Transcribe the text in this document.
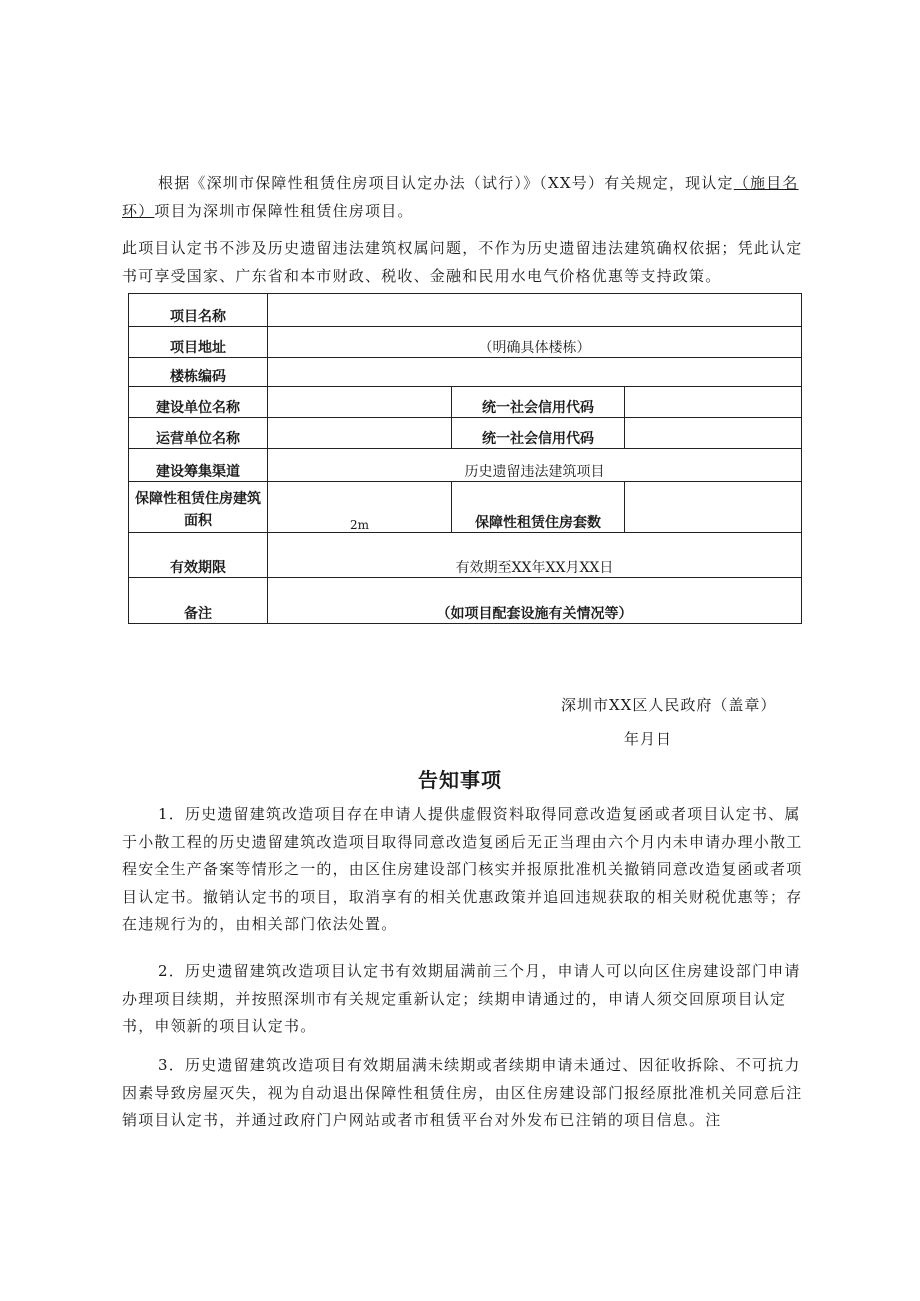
根据《深圳市保障性租赁住房项目认定办法（试行）》（XX号）有关规定，现认定（施目名环）项目为深圳市保障性租赁住房项目。

此项目认定书不涉及历史遗留违法建筑权属问题，不作为历史遗留违法建筑确权依据；凭此认定书可享受国家、广东省和本市财政、税收、金融和民用水电气价格优惠等支持政策。

项目名称			
项目地址	（明确具体楼栋）		
楼栋编码			
建设单位名称		统一社会信用代码	
运营单位名称		统一社会信用代码	
建设筹集渠道	历史遗留违法建筑项目		
保障性租赁住房建筑面积	2m	保障性租赁住房套数	
有效期限	有效期至XX年XX月XX日		
备注	（如项目配套设施有关情况等）		
深圳市XX区人民政府（盖章）
年月日
告知事项

1．历史遗留建筑改造项目存在申请人提供虚假资料取得同意改造复函或者项目认定书、属于小散工程的历史遗留建筑改造项目取得同意改造复函后无正当理由六个月内未申请办理小散工程安全生产备案等情形之一的，由区住房建设部门核实并报原批准机关撤销同意改造复函或者项目认定书。撤销认定书的项目，取消享有的相关优惠政策并追回违规获取的相关财税优惠等；存在违规行为的，由相关部门依法处置。

2．历史遗留建筑改造项目认定书有效期届满前三个月，申请人可以向区住房建设部门申请办理项目续期，并按照深圳市有关规定重新认定；续期申请通过的，申请人须交回原项目认定书，申领新的项目认定书。

3．历史遗留建筑改造项目有效期届满未续期或者续期申请未通过、因征收拆除、不可抗力因素导致房屋灭失，视为自动退出保障性租赁住房，由区住房建设部门报经原批准机关同意后注销项目认定书，并通过政府门户网站或者市租赁平台对外发布已注销的项目信息。注
